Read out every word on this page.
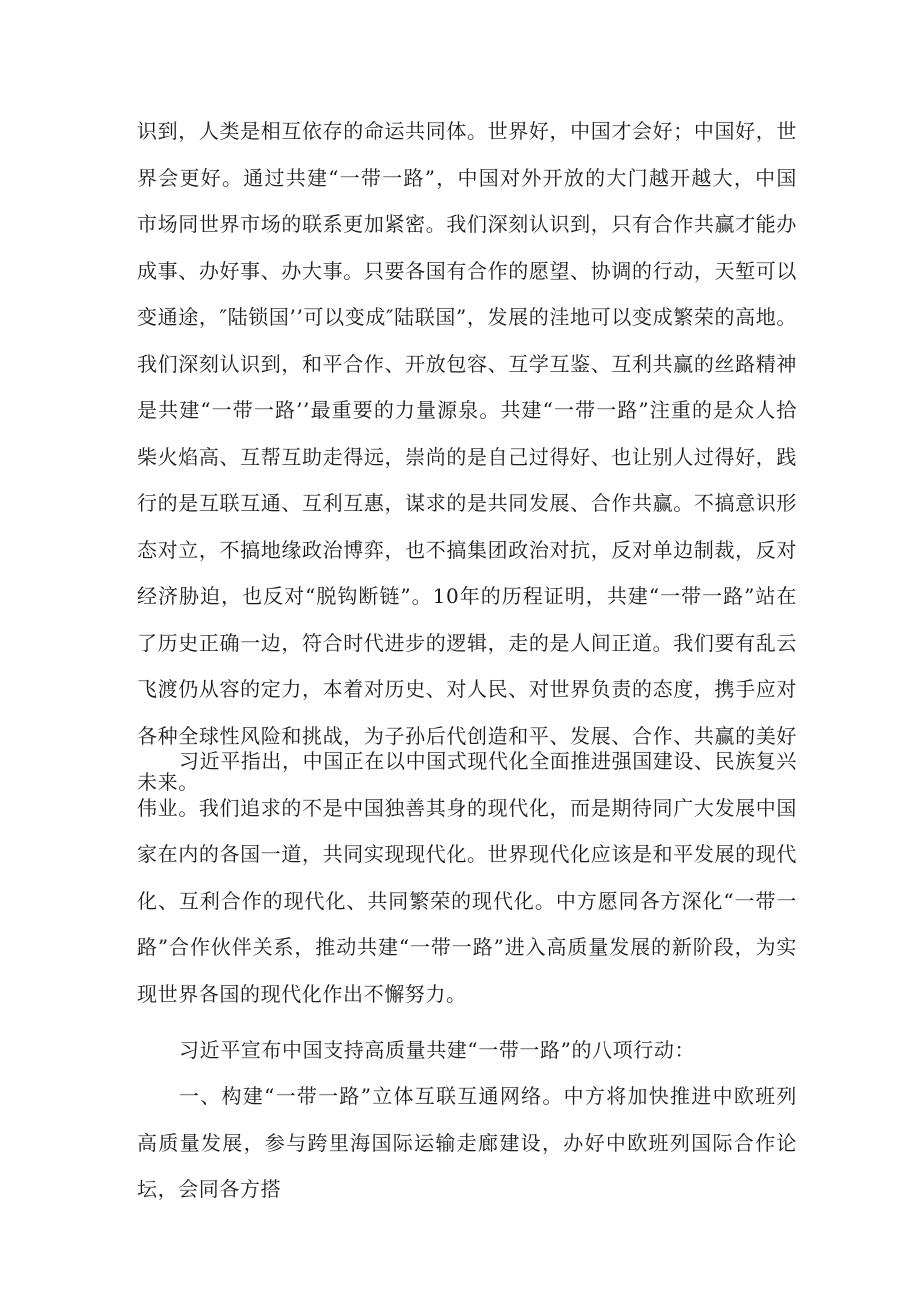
识到，人类是相互依存的命运共同体。世界好，中国才会好；中国好，世界会更好。通过共建“一带一路”，中国对外开放的大门越开越大，中国市场同世界市场的联系更加紧密。我们深刻认识到，只有合作共赢才能办成事、办好事、办大事。只要各国有合作的愿望、协调的行动，天堑可以变通途，″陆锁国’’可以变成″陆联国”，发展的洼地可以变成繁荣的高地。我们深刻认识到，和平合作、开放包容、互学互鉴、互利共赢的丝路精神是共建“一带一路’’最重要的力量源泉。共建“一带一路”注重的是众人拾柴火焰高、互帮互助走得远，崇尚的是自己过得好、也让别人过得好，践行的是互联互通、互利互惠，谋求的是共同发展、合作共赢。不搞意识形态对立，不搞地缘政治博弈，也不搞集团政治对抗，反对单边制裁，反对经济胁迫，也反对“脱钩断链”。10年的历程证明，共建“一带一路”站在了历史正确一边，符合时代进步的逻辑，走的是人间正道。我们要有乱云飞渡仍从容的定力，本着对历史、对人民、对世界负责的态度，携手应对各种全球性风险和挑战，为子孙后代创造和平、发展、合作、共赢的美好未来。

习近平指出，中国正在以中国式现代化全面推进强国建设、民族复兴伟业。我们追求的不是中国独善其身的现代化，而是期待同广大发展中国家在内的各国一道，共同实现现代化。世界现代化应该是和平发展的现代化、互利合作的现代化、共同繁荣的现代化。中方愿同各方深化“一带一路”合作伙伴关系，推动共建“一带一路”进入高质量发展的新阶段，为实现世界各国的现代化作出不懈努力。

习近平宣布中国支持高质量共建“一带一路”的八项行动：

一、构建“一带一路”立体互联互通网络。中方将加快推进中欧班列高质量发展，参与跨里海国际运输走廊建设，办好中欧班列国际合作论坛，会同各方搭
